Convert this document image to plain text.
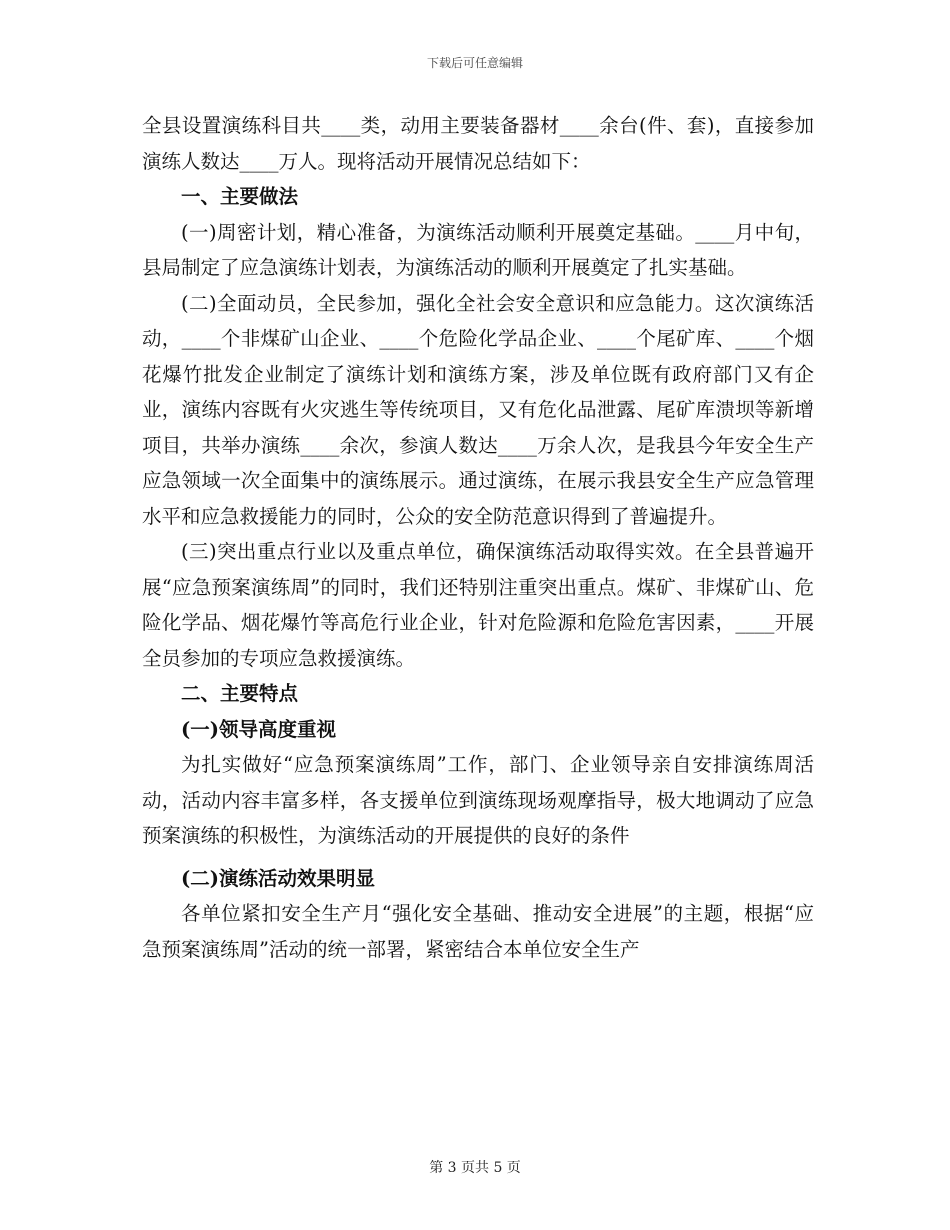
下载后可任意编辑

全县设置演练科目共____类，动用主要装备器材____余台(件、套)，直接参加演练人数达____万人。现将活动开展情况总结如下：

一、主要做法

(一)周密计划，精心准备，为演练活动顺利开展奠定基础。____月中旬，县局制定了应急演练计划表，为演练活动的顺利开展奠定了扎实基础。

(二)全面动员，全民参加，强化全社会安全意识和应急能力。这次演练活动，____个非煤矿山企业、____个危险化学品企业、____个尾矿库、____个烟花爆竹批发企业制定了演练计划和演练方案，涉及单位既有政府部门又有企业，演练内容既有火灾逃生等传统项目，又有危化品泄露、尾矿库溃坝等新增项目，共举办演练____余次，参演人数达____万余人次，是我县今年安全生产应急领域一次全面集中的演练展示。通过演练，在展示我县安全生产应急管理水平和应急救援能力的同时，公众的安全防范意识得到了普遍提升。

(三)突出重点行业以及重点单位，确保演练活动取得实效。在全县普遍开展“应急预案演练周”的同时，我们还特别注重突出重点。煤矿、非煤矿山、危险化学品、烟花爆竹等高危行业企业，针对危险源和危险危害因素，____开展全员参加的专项应急救援演练。

二、主要特点

(一)领导高度重视

为扎实做好“应急预案演练周”工作，部门、企业领导亲自安排演练周活动，活动内容丰富多样，各支援单位到演练现场观摩指导，极大地调动了应急预案演练的积极性，为演练活动的开展提供的良好的条件

(二)演练活动效果明显

各单位紧扣安全生产月“强化安全基础、推动安全进展”的主题，根据“应急预案演练周”活动的统一部署，紧密结合本单位安全生产

第 3 页共 5 页
